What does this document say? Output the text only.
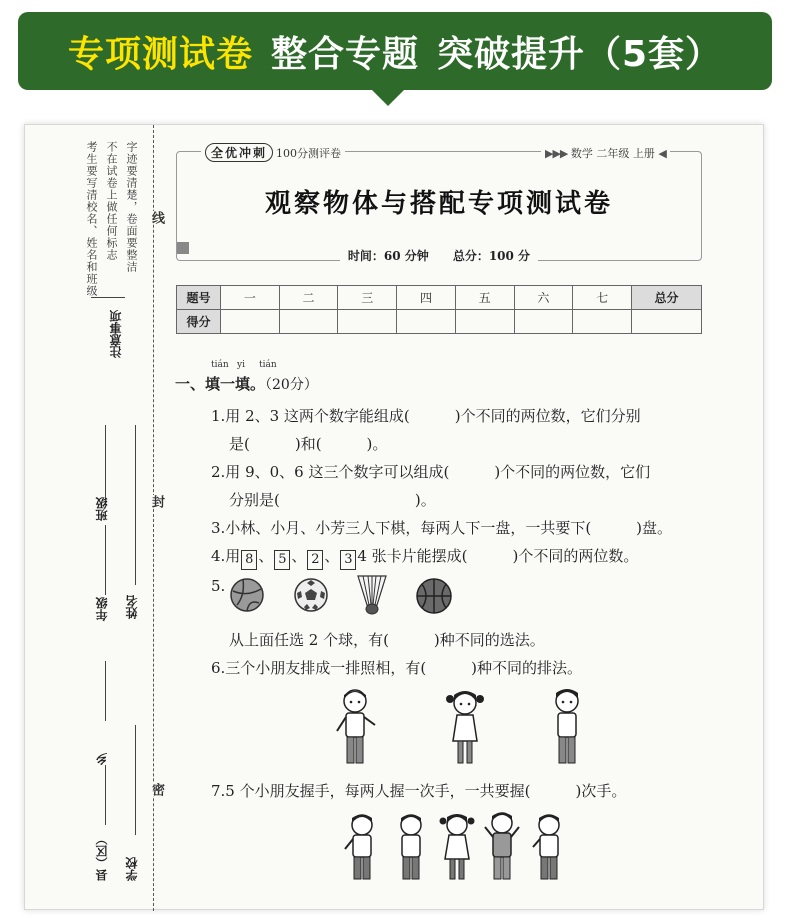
专项测试卷 整合专题 突破提升（5套）
考生要写清校名、姓名和班级 不在试卷上做任何标志 字迹要清楚，卷面要整洁
注意事项
线
封
密
班级
年级 姓名
乡
县（区） 学校
全优冲刺 100分测评卷	▶▶▶ 数学 二年级 上册 ◀
观察物体与搭配专项测试卷
时间：60 分钟　　 总分：100 分
题号	一	二	三	四	五	六	七	总分
得分								
tián yi tián
一、填一填。（20分）
1.用 2、3 这两个数字能组成(　　　)个不同的两位数，它们分别
是(　　　)和(　　　)。
2.用 9、0、6 这三个数字可以组成(　　　)个不同的两位数，它们
分别是(　　　　　　　　　)。
3.小林、小月、小芳三人下棋，每两人下一盘，一共要下(　　　)盘。
4.用 8 、 5 、 2 、 3 4 张卡片能摆成(　　　)个不同的两位数。
5.
从上面任选 2 个球，有(　　　)种不同的选法。
6.三个小朋友排成一排照相，有(　　　)种不同的排法。
7.5 个小朋友握手，每两人握一次手，一共要握(　　　)次手。
